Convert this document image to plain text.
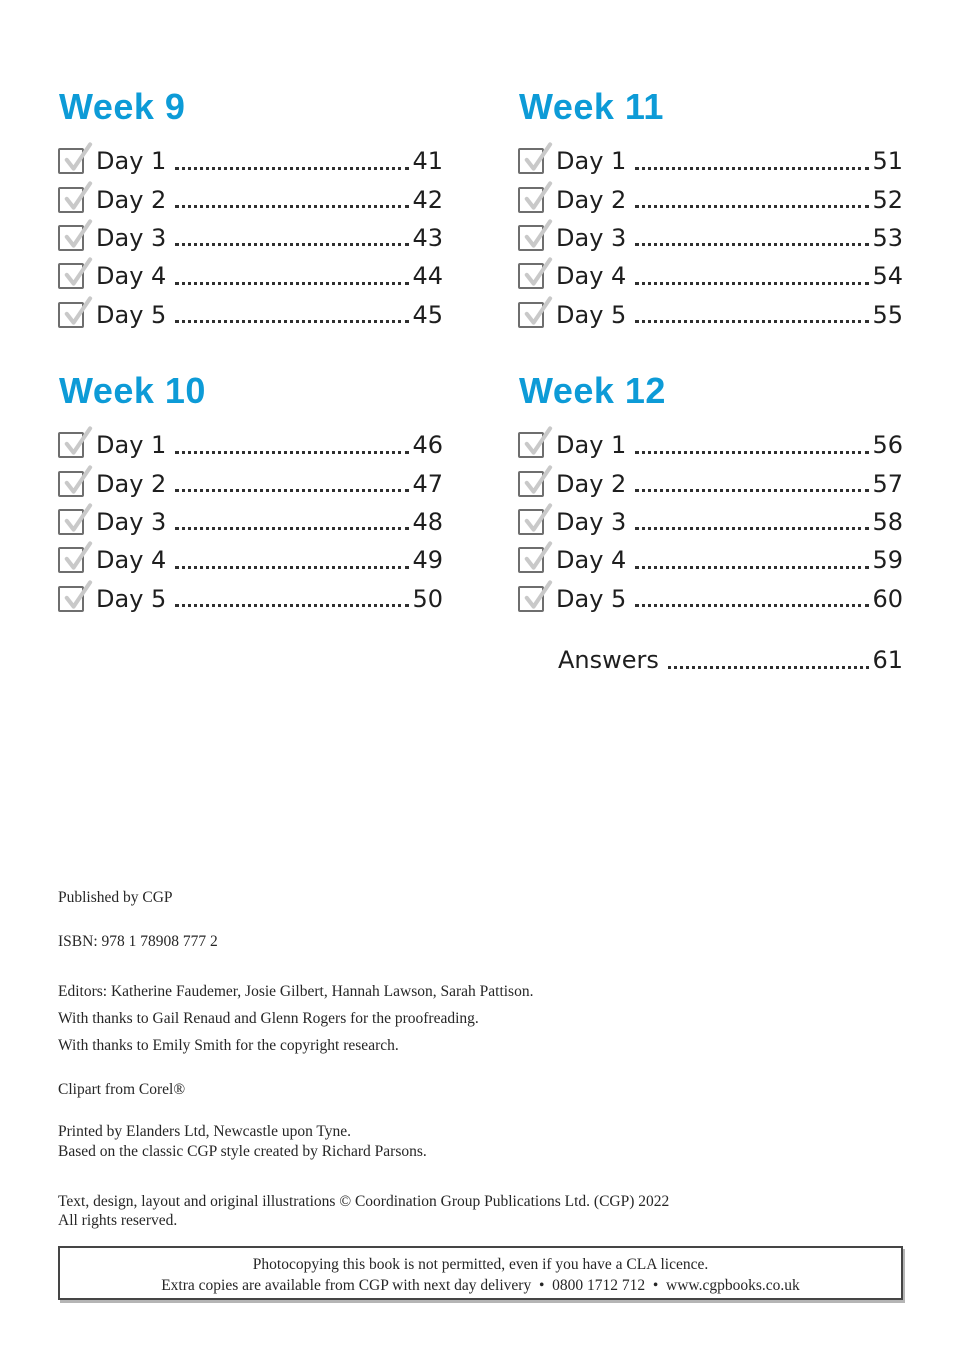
Week 9
Day 1	41
Day 2	42
Day 3	43
Day 4	44
Day 5	45
Week 11
Day 1	51
Day 2	52
Day 3	53
Day 4	54
Day 5	55
Week 10
Day 1	46
Day 2	47
Day 3	48
Day 4	49
Day 5	50
Week 12
Day 1	56
Day 2	57
Day 3	58
Day 4	59
Day 5	60
Answers	61
Published by CGP
ISBN: 978 1 78908 777 2
Editors: Katherine Faudemer, Josie Gilbert, Hannah Lawson, Sarah Pattison.
With thanks to Gail Renaud and Glenn Rogers for the proofreading.
With thanks to Emily Smith for the copyright research.
Clipart from Corel®
Printed by Elanders Ltd, Newcastle upon Tyne.
Based on the classic CGP style created by Richard Parsons.
Text, design, layout and original illustrations © Coordination Group Publications Ltd. (CGP) 2022
All rights reserved.
Photocopying this book is not permitted, even if you have a CLA licence.
Extra copies are available from CGP with next day delivery  •  0800 1712 712  •  www.cgpbooks.co.uk
